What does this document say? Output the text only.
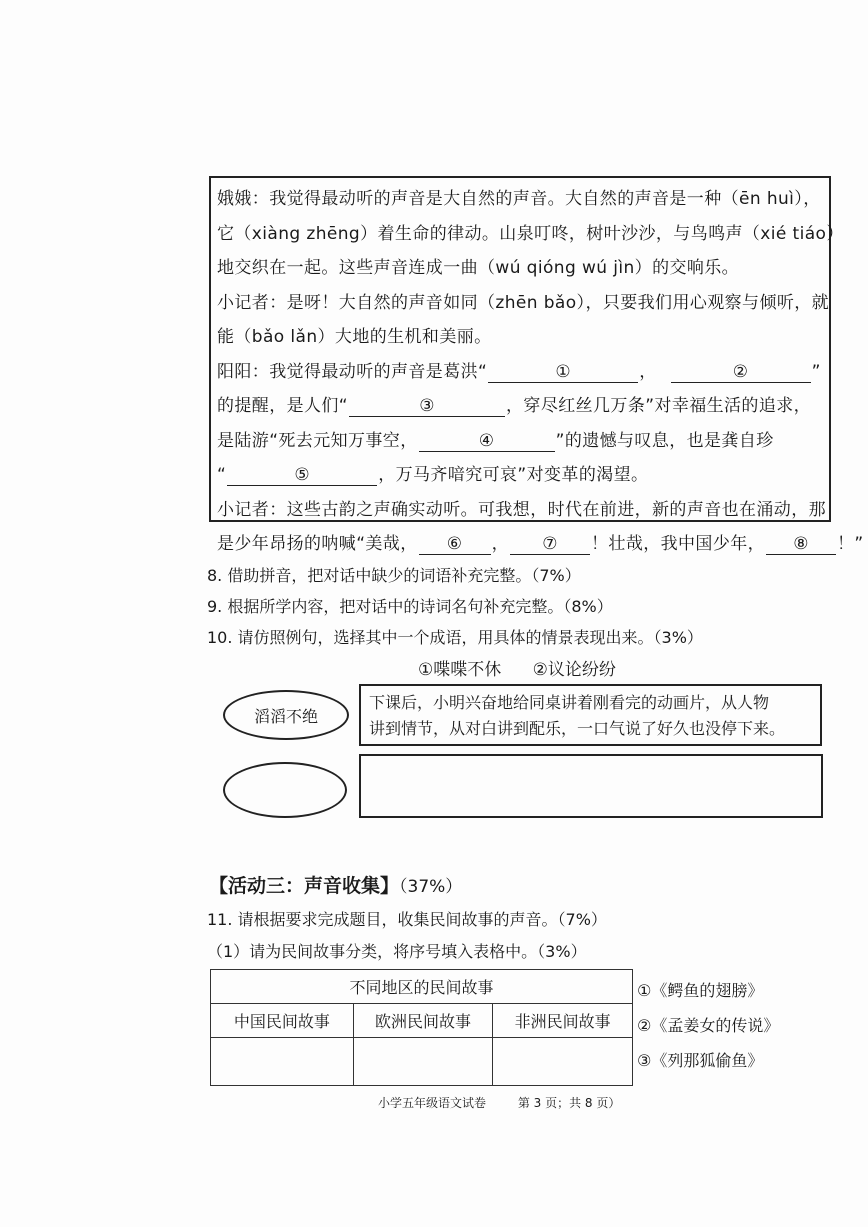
娥娥：我觉得最动听的声音是大自然的声音。大自然的声音是一种（ēn huì），
它（xiàng zhēng）着生命的律动。山泉叮咚，树叶沙沙，与鸟鸣声（xié tiáo）
地交织在一起。这些声音连成一曲（wú qióng wú jìn）的交响乐。
小记者：是呀！大自然的声音如同（zhēn bǎo），只要我们用心观察与倾听，就
能（bǎo lǎn）大地的生机和美丽。
阳阳：我觉得最动听的声音是葛洪“	①	，	②	”
的提醒，是人们“	③	，穿尽红丝几万条”对幸福生活的追求，
是陆游“死去元知万事空，	④	”的遗憾与叹息，也是龚自珍
“	⑤	，万马齐喑究可哀”对变革的渴望。
小记者：这些古韵之声确实动听。可我想，时代在前进，新的声音也在涌动，那
是少年昂扬的呐喊“美哉， ⑥ ， ⑦ ！壮哉，我中国少年， ⑧ ！”
8. 借助拼音，把对话中缺少的词语补充完整。（7%）
9. 根据所学内容，把对话中的诗词名句补充完整。（8%）
10. 请仿照例句，选择其中一个成语，用具体的情景表现出来。（3%）
①喋喋不休 ②议论纷纷
滔滔不绝
下课后，小明兴奋地给同桌讲着刚看完的动画片，从人物
讲到情节，从对白讲到配乐，一口气说了好久也没停下来。
【活动三：声音收集】（37%）
11. 请根据要求完成题目，收集民间故事的声音。（7%）
（1）请为民间故事分类，将序号填入表格中。（3%）
不同地区的民间故事		
中国民间故事	欧洲民间故事	非洲民间故事

①《鳄鱼的翅膀》
②《孟姜女的传说》
③《列那狐偷鱼》
小学五年级语文试卷	第 3 页；共 8 页）
